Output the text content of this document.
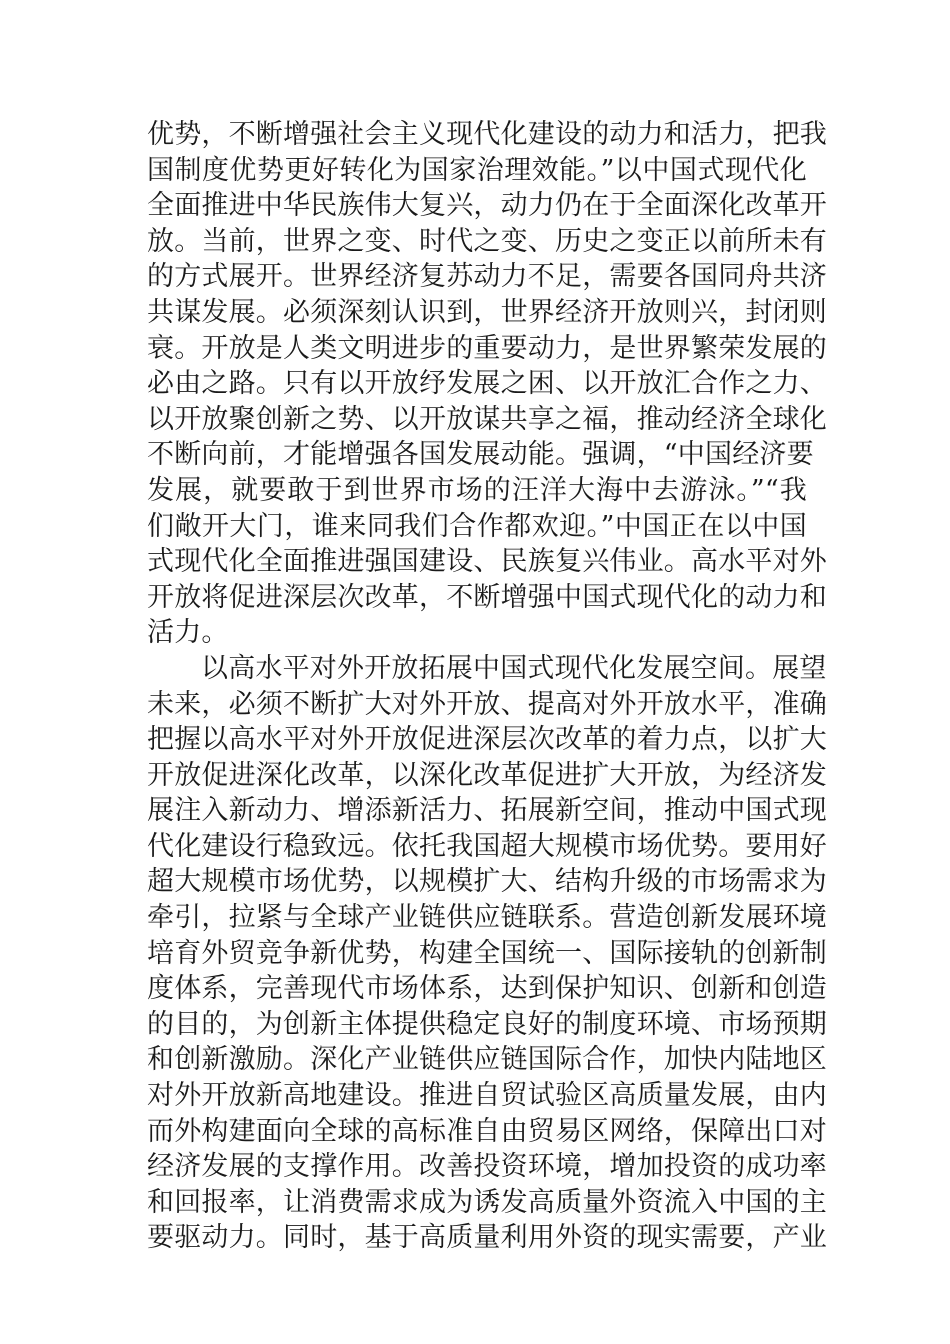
优势，不断增强社会主义现代化建设的动力和活力，把我
国制度优势更好转化为国家治理效能。”以中国式现代化
全面推进中华民族伟大复兴，动力仍在于全面深化改革开
放。当前，世界之变、时代之变、历史之变正以前所未有
的方式展开。世界经济复苏动力不足，需要各国同舟共济
共谋发展。必须深刻认识到，世界经济开放则兴，封闭则
衰。开放是人类文明进步的重要动力，是世界繁荣发展的
必由之路。只有以开放纾发展之困、以开放汇合作之力、
以开放聚创新之势、以开放谋共享之福，推动经济全球化
不断向前，才能增强各国发展动能。强调，“中国经济要
发展，就要敢于到世界市场的汪洋大海中去游泳。”“我
们敞开大门，谁来同我们合作都欢迎。”中国正在以中国
式现代化全面推进强国建设、民族复兴伟业。高水平对外
开放将促进深层次改革，不断增强中国式现代化的动力和
活力。
以高水平对外开放拓展中国式现代化发展空间。展望
未来，必须不断扩大对外开放、提高对外开放水平，准确
把握以高水平对外开放促进深层次改革的着力点，以扩大
开放促进深化改革，以深化改革促进扩大开放，为经济发
展注入新动力、增添新活力、拓展新空间，推动中国式现
代化建设行稳致远。依托我国超大规模市场优势。要用好
超大规模市场优势，以规模扩大、结构升级的市场需求为
牵引，拉紧与全球产业链供应链联系。营造创新发展环境
培育外贸竞争新优势，构建全国统一、国际接轨的创新制
度体系，完善现代市场体系，达到保护知识、创新和创造
的目的，为创新主体提供稳定良好的制度环境、市场预期
和创新激励。深化产业链供应链国际合作，加快内陆地区
对外开放新高地建设。推进自贸试验区高质量发展，由内
而外构建面向全球的高标准自由贸易区网络，保障出口对
经济发展的支撑作用。改善投资环境，增加投资的成功率
和回报率，让消费需求成为诱发高质量外资流入中国的主
要驱动力。同时，基于高质量利用外资的现实需要，产业
